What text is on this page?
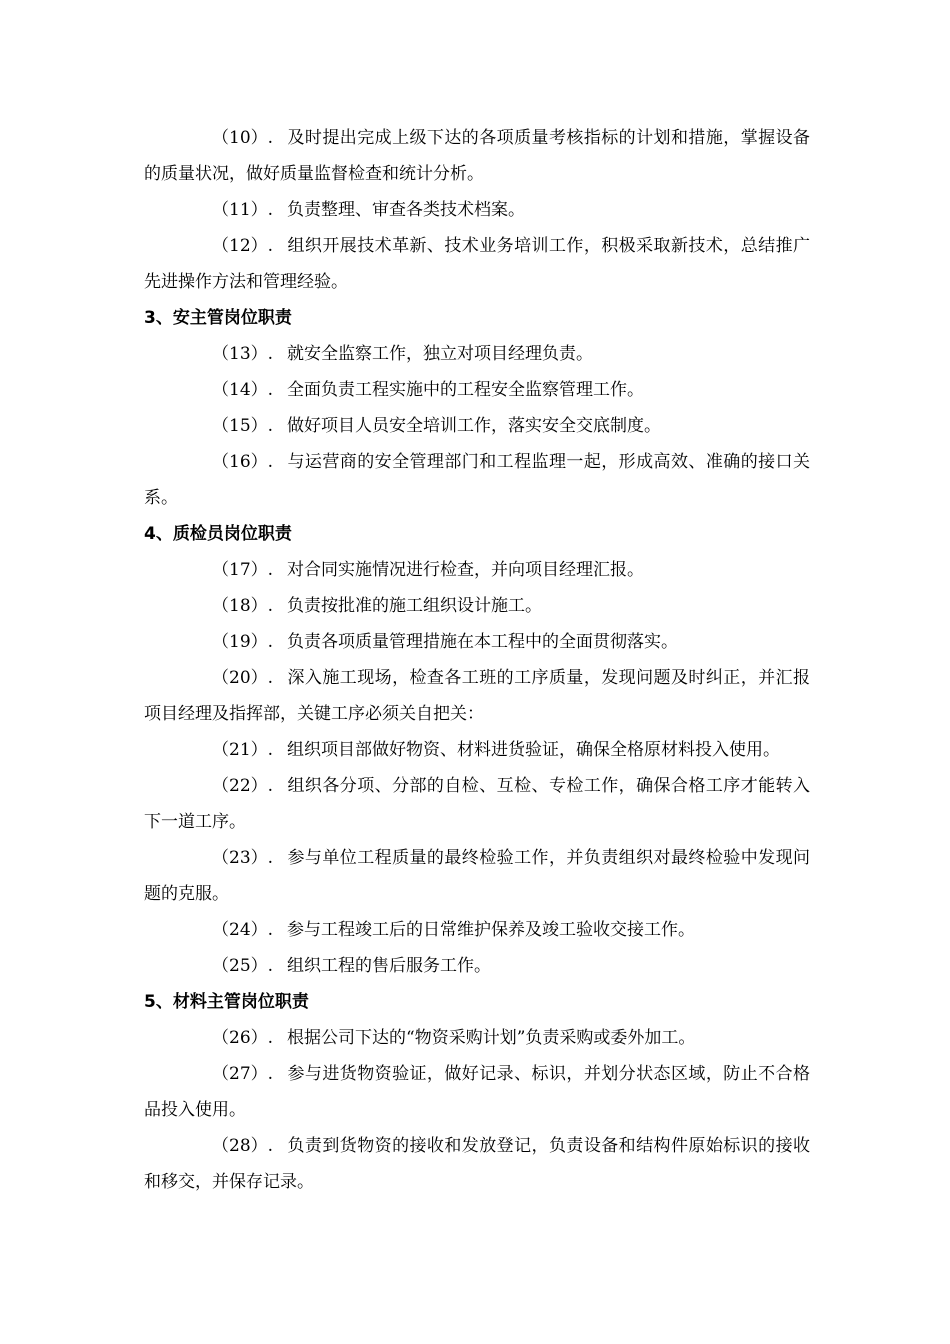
（10）. 及时提出完成上级下达的各项质量考核指标的计划和措施，掌握设备的质量状况，做好质量监督检查和统计分析。

（11）. 负责整理、审查各类技术档案。

（12）. 组织开展技术革新、技术业务培训工作，积极采取新技术，总结推广先进操作方法和管理经验。

3、安主管岗位职责

（13）. 就安全监察工作，独立对项目经理负责。

（14）. 全面负责工程实施中的工程安全监察管理工作。

（15）. 做好项目人员安全培训工作，落实安全交底制度。

（16）. 与运营商的安全管理部门和工程监理一起，形成高效、准确的接口关系。

4、质检员岗位职责

（17）. 对合同实施情况进行检查，并向项目经理汇报。

（18）. 负责按批准的施工组织设计施工。

（19）. 负责各项质量管理措施在本工程中的全面贯彻落实。

（20）. 深入施工现场，检查各工班的工序质量，发现问题及时纠正，并汇报项目经理及指挥部，关键工序必须关自把关：

（21）. 组织项目部做好物资、材料进货验证，确保全格原材料投入使用。

（22）. 组织各分项、分部的自检、互检、专检工作，确保合格工序才能转入下一道工序。

（23）. 参与单位工程质量的最终检验工作，并负责组织对最终检验中发现问题的克服。

（24）. 参与工程竣工后的日常维护保养及竣工验收交接工作。

（25）. 组织工程的售后服务工作。

5、材料主管岗位职责

（26）. 根据公司下达的“物资采购计划”负责采购或委外加工。

（27）. 参与进货物资验证，做好记录、标识，并划分状态区域，防止不合格品投入使用。

（28）. 负责到货物资的接收和发放登记，负责设备和结构件原始标识的接收和移交，并保存记录。
